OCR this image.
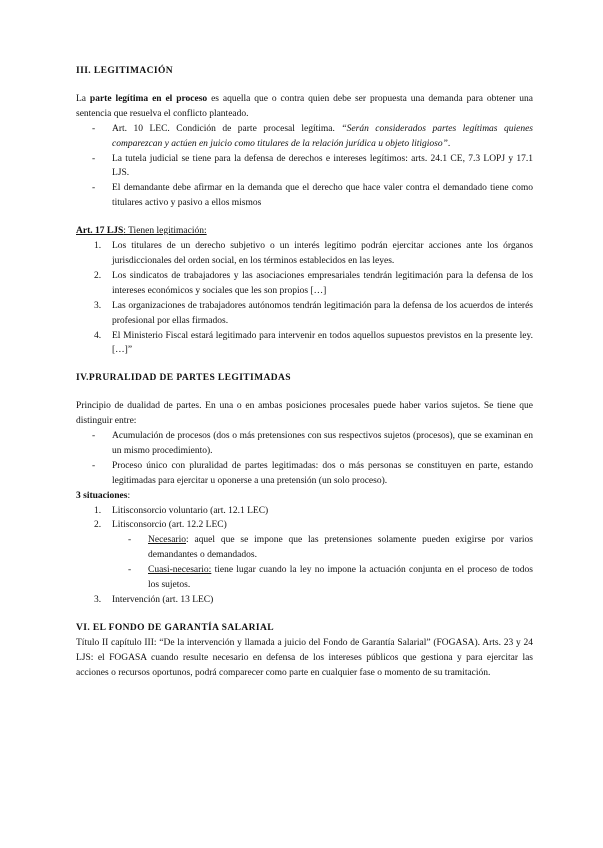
III. LEGITIMACIÓN

La parte legítima en el proceso es aquella que o contra quien debe ser propuesta una demanda para obtener una sentencia que resuelva el conflicto planteado.

-	Art. 10 LEC. Condición de parte procesal legítima. “Serán considerados partes legítimas quienes comparezcan y actúen en juicio como titulares de la relación jurídica u objeto litigioso”.
-	La tutela judicial se tiene para la defensa de derechos e intereses legítimos: arts. 24.1 CE, 7.3 LOPJ y 17.1 LJS.
-	El demandante debe afirmar en la demanda que el derecho que hace valer contra el demandado tiene como titulares activo y pasivo a ellos mismos

Art. 17 LJS: Tienen legitimación:

1.	Los titulares de un derecho subjetivo o un interés legítimo podrán ejercitar acciones ante los órganos jurisdiccionales del orden social, en los términos establecidos en las leyes.
2.	Los sindicatos de trabajadores y las asociaciones empresariales tendrán legitimación para la defensa de los intereses económicos y sociales que les son propios […]
3.	Las organizaciones de trabajadores autónomos tendrán legitimación para la defensa de los acuerdos de interés profesional por ellas firmados.
4.	El Ministerio Fiscal estará legitimado para intervenir en todos aquellos supuestos previstos en la presente ley. […]”

IV.PRURALIDAD DE PARTES LEGITIMADAS

Principio de dualidad de partes. En una o en ambas posiciones procesales puede haber varios sujetos. Se tiene que distinguir entre:

-	Acumulación de procesos (dos o más pretensiones con sus respectivos sujetos (procesos), que se examinan en un mismo procedimiento).
-	Proceso único con pluralidad de partes legitimadas: dos o más personas se constituyen en parte, estando legitimadas para ejercitar u oponerse a una pretensión (un solo proceso).

3 situaciones:

1.	Litisconsorcio voluntario (art. 12.1 LEC)
2.	Litisconsorcio (art. 12.2 LEC)
-	Necesario: aquel que se impone que las pretensiones solamente pueden exigirse por varios demandantes o demandados.
-	Cuasi-necesario: tiene lugar cuando la ley no impone la actuación conjunta en el proceso de todos los sujetos.
3.	Intervención (art. 13 LEC)

VI. EL FONDO DE GARANTÍA SALARIAL

Título II capítulo III: “De la intervención y llamada a juicio del Fondo de Garantía Salarial” (FOGASA). Arts. 23 y 24 LJS: el FOGASA cuando resulte necesario en defensa de los intereses públicos que gestiona y para ejercitar las acciones o recursos oportunos, podrá comparecer como parte en cualquier fase o momento de su tramitación.
